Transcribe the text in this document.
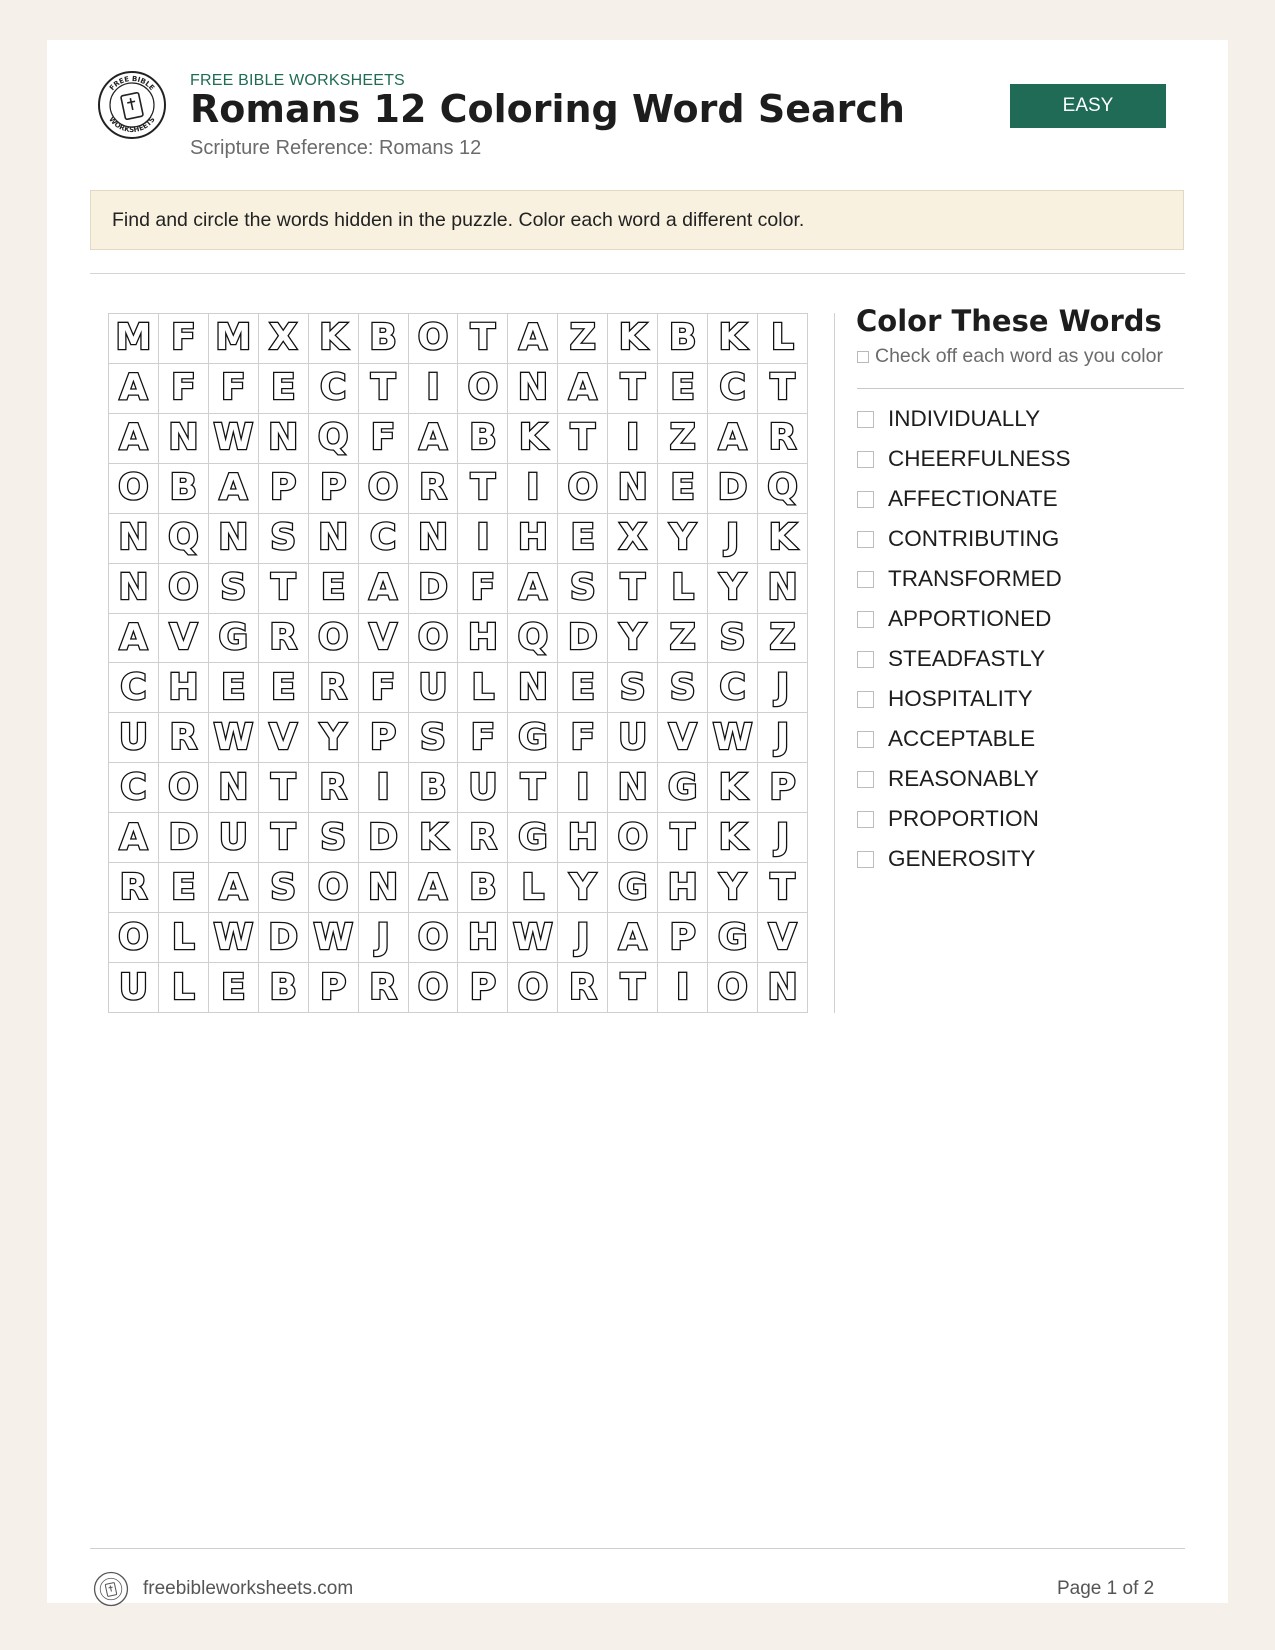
FREE BIBLE
WORKSHEETS
FREE BIBLE WORKSHEETS
Romans 12 Coloring Word Search
Scripture Reference: Romans 12
EASY
Find and circle the words hidden in the puzzle. Color each word a different color.
M F M X K B O T A Z K B K L
A F F E C T I O N A T E C T
A N W N Q F A B K T I Z A R
O B A P P O R T I O N E D Q
N Q N S N C N I H E X Y J K
N O S T E A D F A S T L Y N
A V G R O V O H Q D Y Z S Z
C H E E R F U L N E S S C J
U R W V Y P S F G F U V W J
C O N T R I B U T I N G K P
A D U T S D K R G H O T K J
R E A S O N A B L Y G H Y T
O L W D W J O H W J A P G V
U L E B P R O P O R T I O N
Color These Words
Check off each word as you color
INDIVIDUALLY
CHEERFULNESS
AFFECTIONATE
CONTRIBUTING
TRANSFORMED
APPORTIONED
STEADFASTLY
HOSPITALITY
ACCEPTABLE
REASONABLY
PROPORTION
GENEROSITY
freebibleworksheets.com	Page 1 of 2
